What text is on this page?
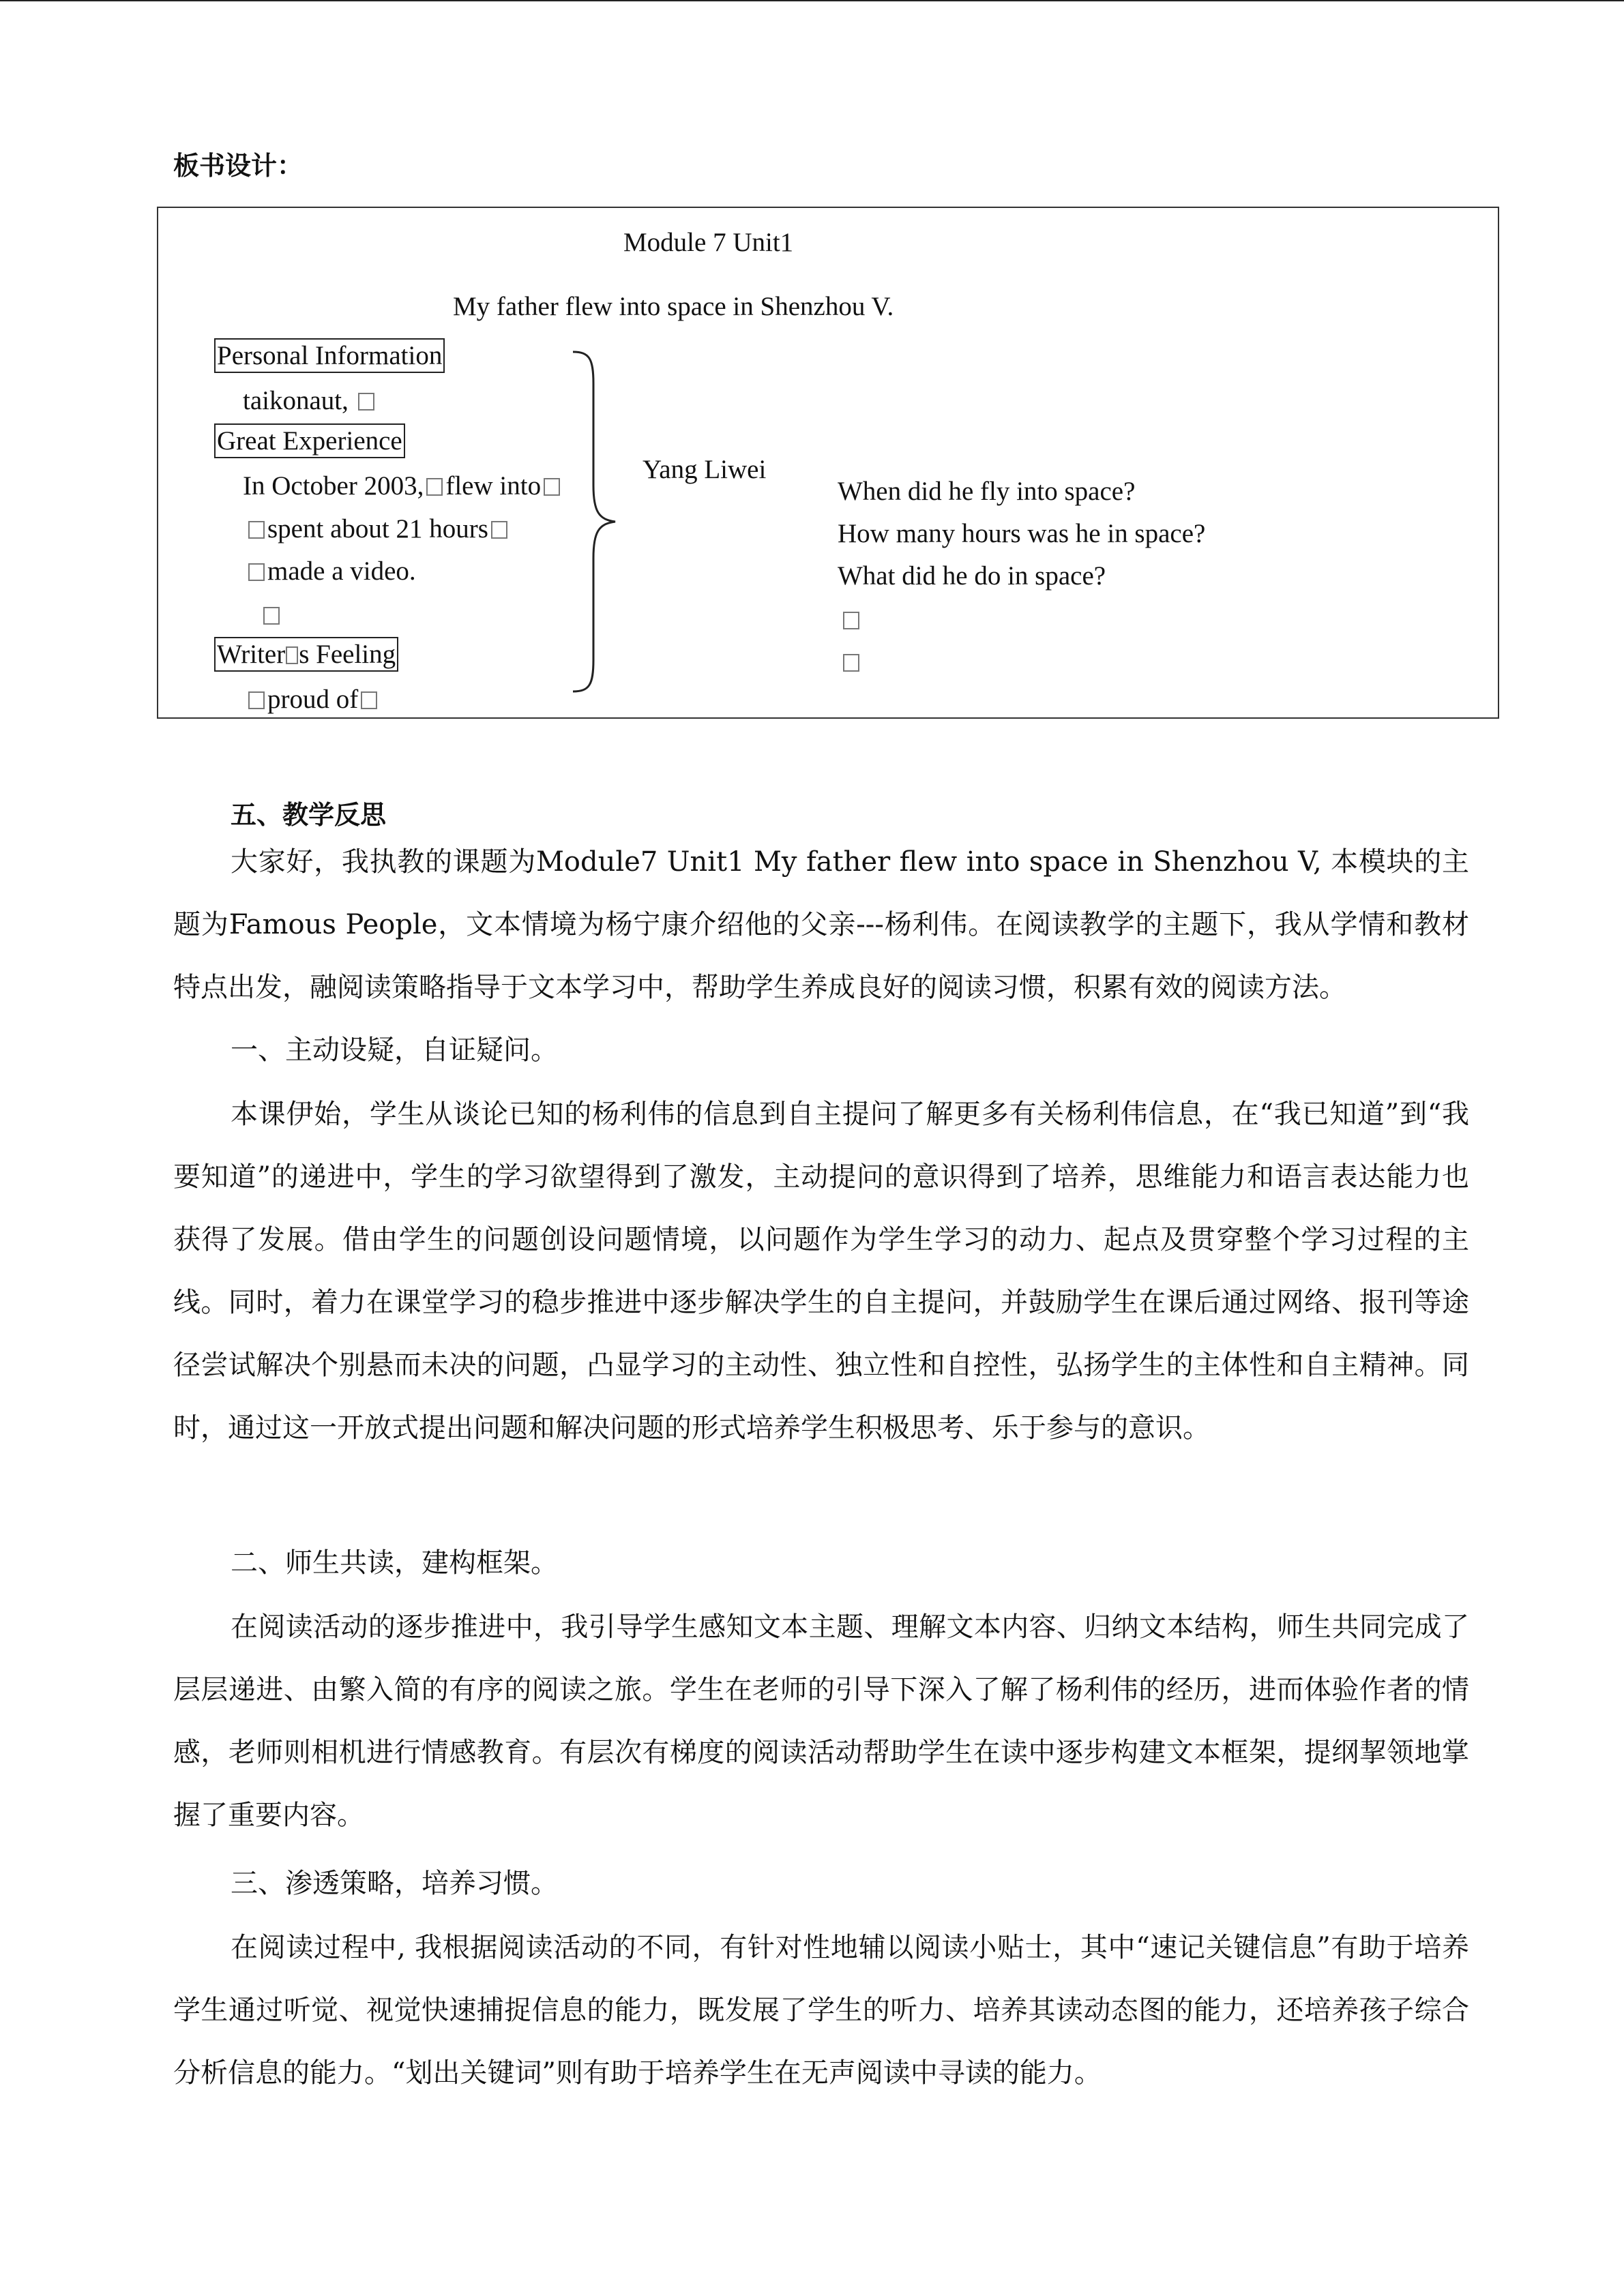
板书设计：
Module 7 Unit1
My father flew into space in Shenzhou V.
Personal Information
taikonaut,
Great Experience
In October 2003, flew into
spent about 21 hours
made a video.
Writer s Feeling
proud of
Yang Liwei
When did he fly into space?
How many hours was he in space?
What did he do in space?
五、教学反思
大家好，我执教的课题为Module7 Unit1 My father flew into space in Shenzhou V, 本模块的主题为Famous People，文本情境为杨宁康介绍他的父亲---杨利伟。在阅读教学的主题下，我从学情和教材特点出发，融阅读策略指导于文本学习中，帮助学生养成良好的阅读习惯，积累有效的阅读方法。
一、主动设疑，自证疑问。
本课伊始，学生从谈论已知的杨利伟的信息到自主提问了解更多有关杨利伟信息，在“我已知道”到“我要知道”的递进中，学生的学习欲望得到了激发，主动提问的意识得到了培养，思维能力和语言表达能力也获得了发展。借由学生的问题创设问题情境，以问题作为学生学习的动力、起点及贯穿整个学习过程的主线。同时，着力在课堂学习的稳步推进中逐步解决学生的自主提问，并鼓励学生在课后通过网络、报刊等途径尝试解决个别悬而未决的问题，凸显学习的主动性、独立性和自控性，弘扬学生的主体性和自主精神。同时，通过这一开放式提出问题和解决问题的形式培养学生积极思考、乐于参与的意识。
二、师生共读，建构框架。
在阅读活动的逐步推进中，我引导学生感知文本主题、理解文本内容、归纳文本结构，师生共同完成了层层递进、由繁入简的有序的阅读之旅。学生在老师的引导下深入了解了杨利伟的经历，进而体验作者的情感，老师则相机进行情感教育。有层次有梯度的阅读活动帮助学生在读中逐步构建文本框架，提纲挈领地掌握了重要内容。
三、渗透策略，培养习惯。
在阅读过程中, 我根据阅读活动的不同，有针对性地辅以阅读小贴士，其中“速记关键信息”有助于培养学生通过听觉、视觉快速捕捉信息的能力，既发展了学生的听力、培养其读动态图的能力，还培养孩子综合分析信息的能力。“划出关键词”则有助于培养学生在无声阅读中寻读的能力。
